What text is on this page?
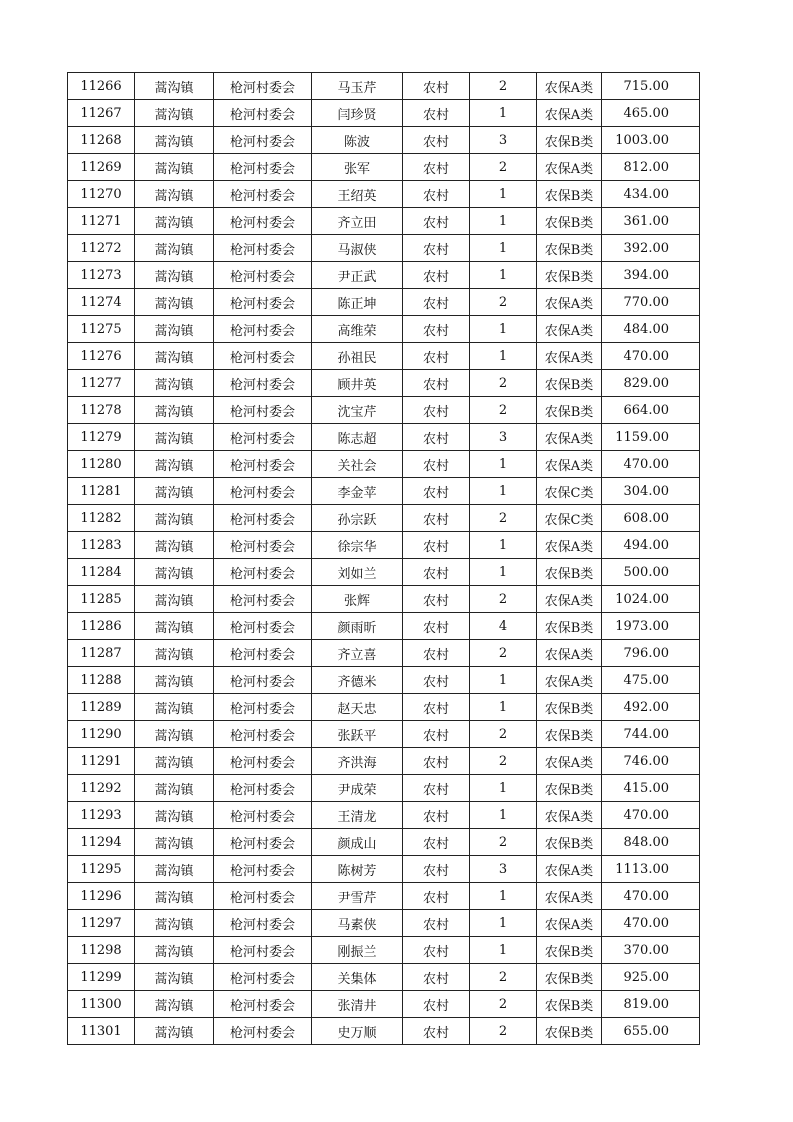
11266	蒿沟镇	枪河村委会	马玉芹	农村	2	农保A类	715.00
11267	蒿沟镇	枪河村委会	闫珍贤	农村	1	农保A类	465.00
11268	蒿沟镇	枪河村委会	陈波	农村	3	农保B类	1003.00
11269	蒿沟镇	枪河村委会	张军	农村	2	农保A类	812.00
11270	蒿沟镇	枪河村委会	王绍英	农村	1	农保B类	434.00
11271	蒿沟镇	枪河村委会	齐立田	农村	1	农保B类	361.00
11272	蒿沟镇	枪河村委会	马淑侠	农村	1	农保B类	392.00
11273	蒿沟镇	枪河村委会	尹正武	农村	1	农保B类	394.00
11274	蒿沟镇	枪河村委会	陈正坤	农村	2	农保A类	770.00
11275	蒿沟镇	枪河村委会	高维荣	农村	1	农保A类	484.00
11276	蒿沟镇	枪河村委会	孙祖民	农村	1	农保A类	470.00
11277	蒿沟镇	枪河村委会	顾井英	农村	2	农保B类	829.00
11278	蒿沟镇	枪河村委会	沈宝芹	农村	2	农保B类	664.00
11279	蒿沟镇	枪河村委会	陈志超	农村	3	农保A类	1159.00
11280	蒿沟镇	枪河村委会	关社会	农村	1	农保A类	470.00
11281	蒿沟镇	枪河村委会	李金苹	农村	1	农保C类	304.00
11282	蒿沟镇	枪河村委会	孙宗跃	农村	2	农保C类	608.00
11283	蒿沟镇	枪河村委会	徐宗华	农村	1	农保A类	494.00
11284	蒿沟镇	枪河村委会	刘如兰	农村	1	农保B类	500.00
11285	蒿沟镇	枪河村委会	张辉	农村	2	农保A类	1024.00
11286	蒿沟镇	枪河村委会	颜雨昕	农村	4	农保B类	1973.00
11287	蒿沟镇	枪河村委会	齐立喜	农村	2	农保A类	796.00
11288	蒿沟镇	枪河村委会	齐德米	农村	1	农保A类	475.00
11289	蒿沟镇	枪河村委会	赵天忠	农村	1	农保B类	492.00
11290	蒿沟镇	枪河村委会	张跃平	农村	2	农保B类	744.00
11291	蒿沟镇	枪河村委会	齐洪海	农村	2	农保A类	746.00
11292	蒿沟镇	枪河村委会	尹成荣	农村	1	农保B类	415.00
11293	蒿沟镇	枪河村委会	王清龙	农村	1	农保A类	470.00
11294	蒿沟镇	枪河村委会	颜成山	农村	2	农保B类	848.00
11295	蒿沟镇	枪河村委会	陈树芳	农村	3	农保A类	1113.00
11296	蒿沟镇	枪河村委会	尹雪芹	农村	1	农保A类	470.00
11297	蒿沟镇	枪河村委会	马素侠	农村	1	农保A类	470.00
11298	蒿沟镇	枪河村委会	刚振兰	农村	1	农保B类	370.00
11299	蒿沟镇	枪河村委会	关集体	农村	2	农保B类	925.00
11300	蒿沟镇	枪河村委会	张清井	农村	2	农保B类	819.00
11301	蒿沟镇	枪河村委会	史万顺	农村	2	农保B类	655.00
